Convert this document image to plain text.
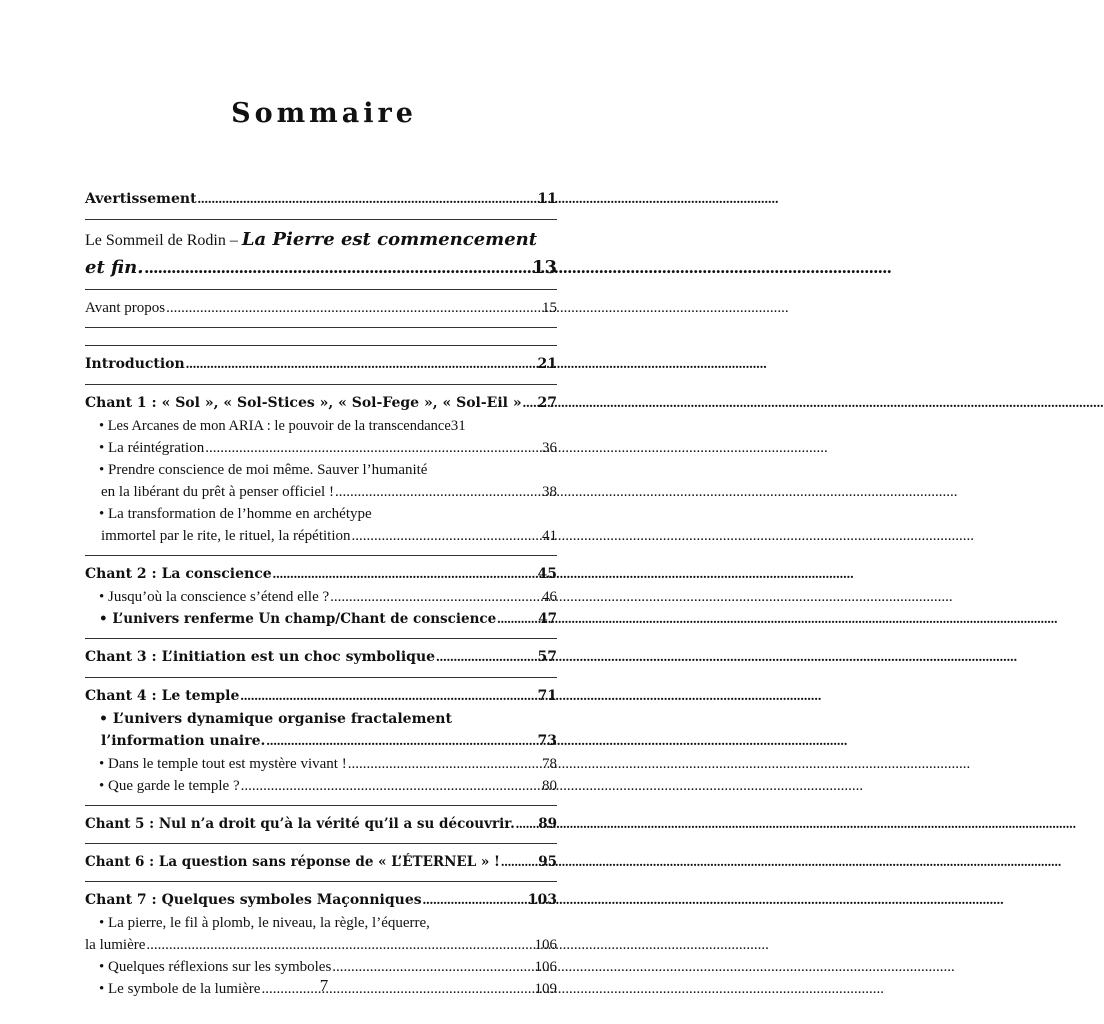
Sommaire
Avertissement .....	11
Le Sommeil de Rodin – La Pierre est commencement
et fin. .....	13
Avant propos .....	15
Introduction .....	21
Chant 1 : « Sol », « Sol-Stices », « Sol-Fege », « Sol-Eil » ..... 27
• Les Arcanes de mon ARIA : le pouvoir de la transcendance 31
• La réintégration .....	36
• Prendre conscience de moi même. Sauver l’humanité
en la libérant du prêt à penser officiel ! .....	38
• La transformation de l’homme en archétype
immortel par le rite, le rituel, la répétition .....	41
Chant 2 : La conscience .....	45
• Jusqu’où la conscience s’étend elle ? .....	46
• L’univers renferme Un champ/Chant de conscience .....	47
Chant 3 : L’initiation est un choc symbolique .....	57
Chant 4 : Le temple .....	71
• L’univers dynamique organise fractalement
l’information unaire. .....	73
• Dans le temple tout est mystère vivant ! .....	78
• Que garde le temple ? .....	80
Chant 5 : Nul n’a droit qu’à la vérité qu’il a su découvrir. ..... 89
Chant 6 : La question sans réponse de « L’ÉTERNEL » ! .....	95
Chant 7 : Quelques symboles Maçonniques .....	103
• La pierre, le fil à plomb, le niveau, la règle, l’équerre,
la lumière .....	106
• Quelques réflexions sur les symboles .....	106
• Le symbole de la lumière .....	109
7
